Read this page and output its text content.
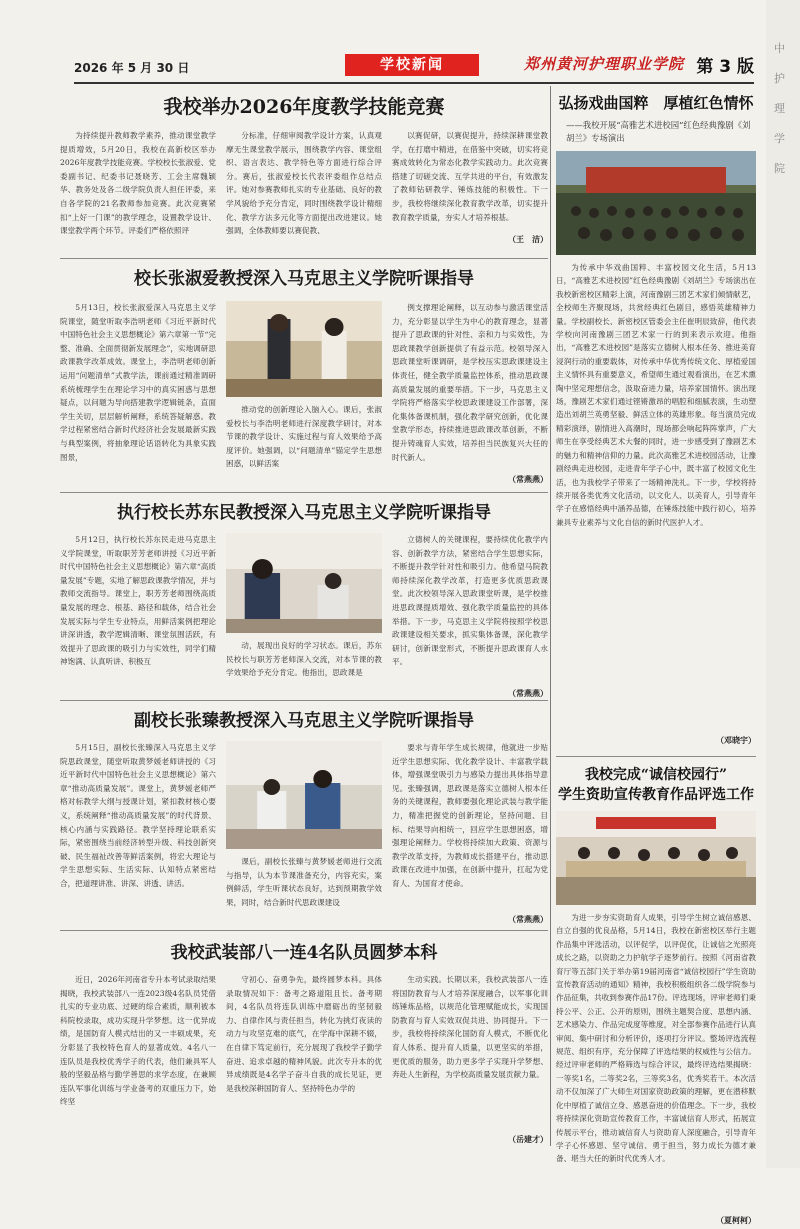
2026 年 5 月 30 日	学校新闻	郑州黄河护理职业学院 第 3 版
我校举办2026年度教学技能竞赛

为持续提升教师教学素养，推动课堂教学提质增效，5月20日，我校在高新校区举办2026年度教学技能竞赛。学校校长张淑爱、党委副书记、纪委书记聂晓芳、工会主席魏颖华、教务处及各二级学院负责人担任评委，来自各学院的21名教师参加竞赛。此次竞赛紧扣“上好一门课”的教学理念，设置教学设计、课堂教学两个环节。评委们严格依照评

分标准，仔细审阅教学设计方案，认真观摩无生课堂教学展示，围绕教学内容、课堂组织、语言表达、教学特色等方面进行综合评分。赛后，张淑爱校长代表评委组作总结点评。她对参赛教师扎实的专业基础、良好的教学风貌给予充分肯定，同时围绕教学设计精细化、教学方法多元化等方面提出改进建议。她强调，全体教师要以赛促教、

以赛促研，以赛促提升，持续深耕课堂教学，在打磨中精进，在借鉴中突破，切实将竞赛成效转化为常态化教学实践动力。此次竞赛搭建了切磋交流、互学共进的平台，有效激发了教师钻研教学、锤炼技能的积极性。下一步，我校将继续深化教育教学改革，切实提升教育教学质量，夯实人才培养根基。

（王　洁）
校长张淑爱教授深入马克思主义学院听课指导

5月13日，校长张淑爱深入马克思主义学院课堂，随堂听取李浩明老师《习近平新时代中国特色社会主义思想概论》第六章第一节“完整、准确、全面贯彻新发展理念”，实地调研思政课教学改革成效。课堂上，李浩明老师创新运用“问题清单”式教学法，课前通过精准调研系统梳理学生在理论学习中的真实困惑与思想疑点，以问题为导向搭建教学逻辑链条，直面学生关切，层层解析阐释，系统答疑解惑。教学过程紧密结合新时代经济社会发展最新实践与典型案例，将抽象理论话语转化为具象实践图景，

推动党的创新理论入脑入心。课后，张淑爱校长与李浩明老师进行深度教学研讨，对本节课的教学设计、实施过程与育人效果给予高度评价。她强调，以“问题清单”锚定学生思想困惑，以鲜活案

例支撑理论阐释，以互动参与激活课堂活力，充分彰显以学生为中心的教育理念，显著提升了思政课的针对性、亲和力与实效性，为思政课教学创新提供了有益示范。校领导深入思政课堂听课调研，是学校压实思政课建设主体责任，健全教学质量监控体系，推动思政课高质量发展的重要举措。下一步，马克思主义学院将严格落实学校思政课建设工作部署，深化集体备课机制，强化教学研究创新，优化课堂教学形态，持续推进思政课改革创新，不断提升铸魂育人实效，培养担当民族复兴大任的时代新人。

（常燕燕）
执行校长苏东民教授深入马克思主义学院听课指导

5月12日，执行校长苏东民走进马克思主义学院课堂，听取职芳芳老师讲授《习近平新时代中国特色社会主义思想概论》第六章“高质量发展”专题，实地了解思政课教学情况，并与教师交流指导。课堂上，职芳芳老师围绕高质量发展的理念、根基、路径和载体，结合社会发展实际与学生专业特点，用鲜活案例把理论讲深讲透，教学逻辑清晰、课堂氛围活跃，有效提升了思政课的吸引力与实效性，同学们精神饱满、认真听讲、积极互

动，展现出良好的学习状态。课后，苏东民校长与职芳芳老师深入交流，对本节课的教学效果给予充分肯定。他指出，思政课是

立德树人的关键课程，要持续优化教学内容、创新教学方法，紧密结合学生思想实际，不断提升教学针对性和吸引力。他希望马院教师持续深化教学改革，打造更多优质思政课堂。此次校领导深入思政课堂听课，是学校推进思政课提质增效、强化教学质量监控的具体举措。下一步，马克思主义学院将按照学校思政课建设相关要求，抓实集体备课，深化教学研讨，创新课堂形式，不断提升思政课育人水平。

（常燕燕）
副校长张臻教授深入马克思主义学院听课指导

5月15日，副校长张臻深入马克思主义学院思政课堂，随堂听取黄梦媛老师讲授的《习近平新时代中国特色社会主义思想概论》第六章“推动高质量发展”。课堂上，黄梦媛老师严格对标教学大纲与授课计划，紧扣教材核心要义，系统阐释“推动高质量发展”的时代背景、核心内涵与实践路径。教学坚持理论联系实际，紧密围绕当前经济转型升级、科技创新突破、民生福祉改善等鲜活案例，将宏大理论与学生思想实际、生活实际、认知特点紧密结合，把道理讲准、讲深、讲透、讲活。

课后，副校长张臻与黄梦媛老师进行交流与指导，认为本节课准备充分，内容充实，案例鲜活，学生听课状态良好，达到预期教学效果，同时，结合新时代思政课建设

要求与青年学生成长规律，他就进一步贴近学生思想实际、优化教学设计、丰富教学载体，增强课堂吸引力与感染力提出具体指导意见。张臻强调，思政课是落实立德树人根本任务的关键课程，教师要强化理论武装与教学能力，精准把握党的创新理论，坚持问题、目标、结果导向相统一，回应学生思想困惑，增强理论阐释力。学校将持续加大政策、资源与教学改革支持，为教师成长搭建平台，推动思政课在改进中加强，在创新中提升，扛起为党育人、为国育才使命。

（常燕燕）
我校武装部八一连4名队员圆梦本科

近日，2026年河南省专升本考试录取结果揭晓，我校武装部八一连2023级4名队员凭借扎实的专业功底、过硬的综合素质，顺利被本科院校录取，成功实现升学梦想。这一优异成绩，是国防育人模式结出的又一丰硕成果，充分彰显了我校特色育人的显著成效。4名八一连队员是我校优秀学子的代表，他们兼具军人般的坚毅品格与勤学善思的求学态度，在兼顾连队军事化训练与学业备考的双重压力下，始终坚

守初心、奋勇争先，最终圆梦本科。具体录取情况如下：备考之路道阻且长。备考期间，4名队员将连队训练中磨砺出的坚韧毅力、自律作风与责任担当，转化为挑灯夜读的动力与攻坚克难的底气，在学海中深耕不辍，在自律下笃定前行，充分展现了我校学子勤学奋进、追求卓越的精神风貌。此次专升本的优异成绩既是4名学子奋斗自我的成长见证，更是我校深耕国防育人、坚持特色办学的

生动实践。长期以来，我校武装部八一连将国防教育与人才培养深度融合，以军事化训练锤炼品格，以规范化管理赋能成长，实现国防教育与育人实效双促共进、协同提升。下一步，我校将持续深化国防育人模式，不断优化育人体系、提升育人质量，以更坚实的举措，更优质的服务，助力更多学子实现升学梦想、奔赴人生新程，为学校高质量发展贡献力量。

（岳建才）
弘扬戏曲国粹　厚植红色情怀
——我校开展“高雅艺术进校园”红色经典豫剧《刘胡兰》专场演出

为传承中华戏曲国粹、丰富校园文化生活，5月13日，“高雅艺术进校园”红色经典豫剧《刘胡兰》专场演出在我校新密校区精彩上演，河南豫剧三团艺术家们倾情献艺，全校师生齐聚现场，共赏经典红色剧目，感悟英雄精神力量。学校副校长、新密校区管委会主任崔明辰致辞，他代表学校向河南豫剧三团艺术家一行的到来表示欢迎。他指出，“高雅艺术进校园”是落实立德树人根本任务、推进美育浸润行动的重要载体，对传承中华优秀传统文化、厚植爱国主义情怀具有重要意义，希望师生通过观看演出，在艺术熏陶中坚定理想信念，汲取奋进力量，培养家国情怀。演出现场，豫剧艺术家们通过铿锵激昂的唱腔和细腻表演，生动塑造出刘胡兰英勇坚毅、鲜活立体的英雄形象。每当演员完成精彩演绎，剧情进入高潮时，现场都会响起阵阵掌声，广大师生在享受经典艺术大餐的同时，进一步感受到了豫剧艺术的魅力和精神信仰的力量。此次高雅艺术进校园活动，让豫剧经典走进校园，走进青年学子心中，既丰富了校园文化生活，也为我校学子带来了一场精神洗礼。下一步，学校将持续开展各类优秀文化活动，以文化人、以美育人，引导青年学子在感悟经典中涵养品德，在锤炼技能中践行初心，培养兼具专业素养与文化自信的新时代医护人才。

（邓晓宇）
我校完成“诚信校园行”
学生资助宣传教育作品评选工作

为进一步夯实资助育人成果，引导学生树立诚信感恩、自立自强的优良品格，5月14日，我校在新密校区举行主题作品集中评选活动，以评促学，以评促优，让诚信之光照亮成长之路，以资助之力护航学子逐梦前行。按照《河南省教育厅等五部门关于举办第19届河南省“诚信校园行”学生资助宣传教育活动的通知》精神，我校积极组织各二级学院参与作品征集，共收到参赛作品17份。评选现场，评审老师们秉持公平、公正、公开的原则，围绕主题契合度、思想内涵、艺术感染力、作品完成度等维度，对全部参赛作品进行认真审阅、集中研讨和分析评价，逐项打分评议。整场评选流程规范、组织有序，充分保障了评选结果的权威性与公信力。经过评审老师的严格筛选与综合评议，最终评选结果揭晓：一等奖1名，二等奖2名，三等奖3名，优秀奖若干。本次活动不仅加深了广大师生对国家资助政策的理解，更在潜移默化中厚植了诚信立身、感恩奋进的价值理念。下一步，我校将持续深化资助宣传教育工作，丰富诚信育人形式，拓展宣传展示平台，推动诚信育人与资助育人深度融合，引导青年学子心怀感恩、坚守诚信、勇于担当，努力成长为德才兼备、堪当大任的新时代优秀人才。

（夏柯柯）
中
护
理
学
院
